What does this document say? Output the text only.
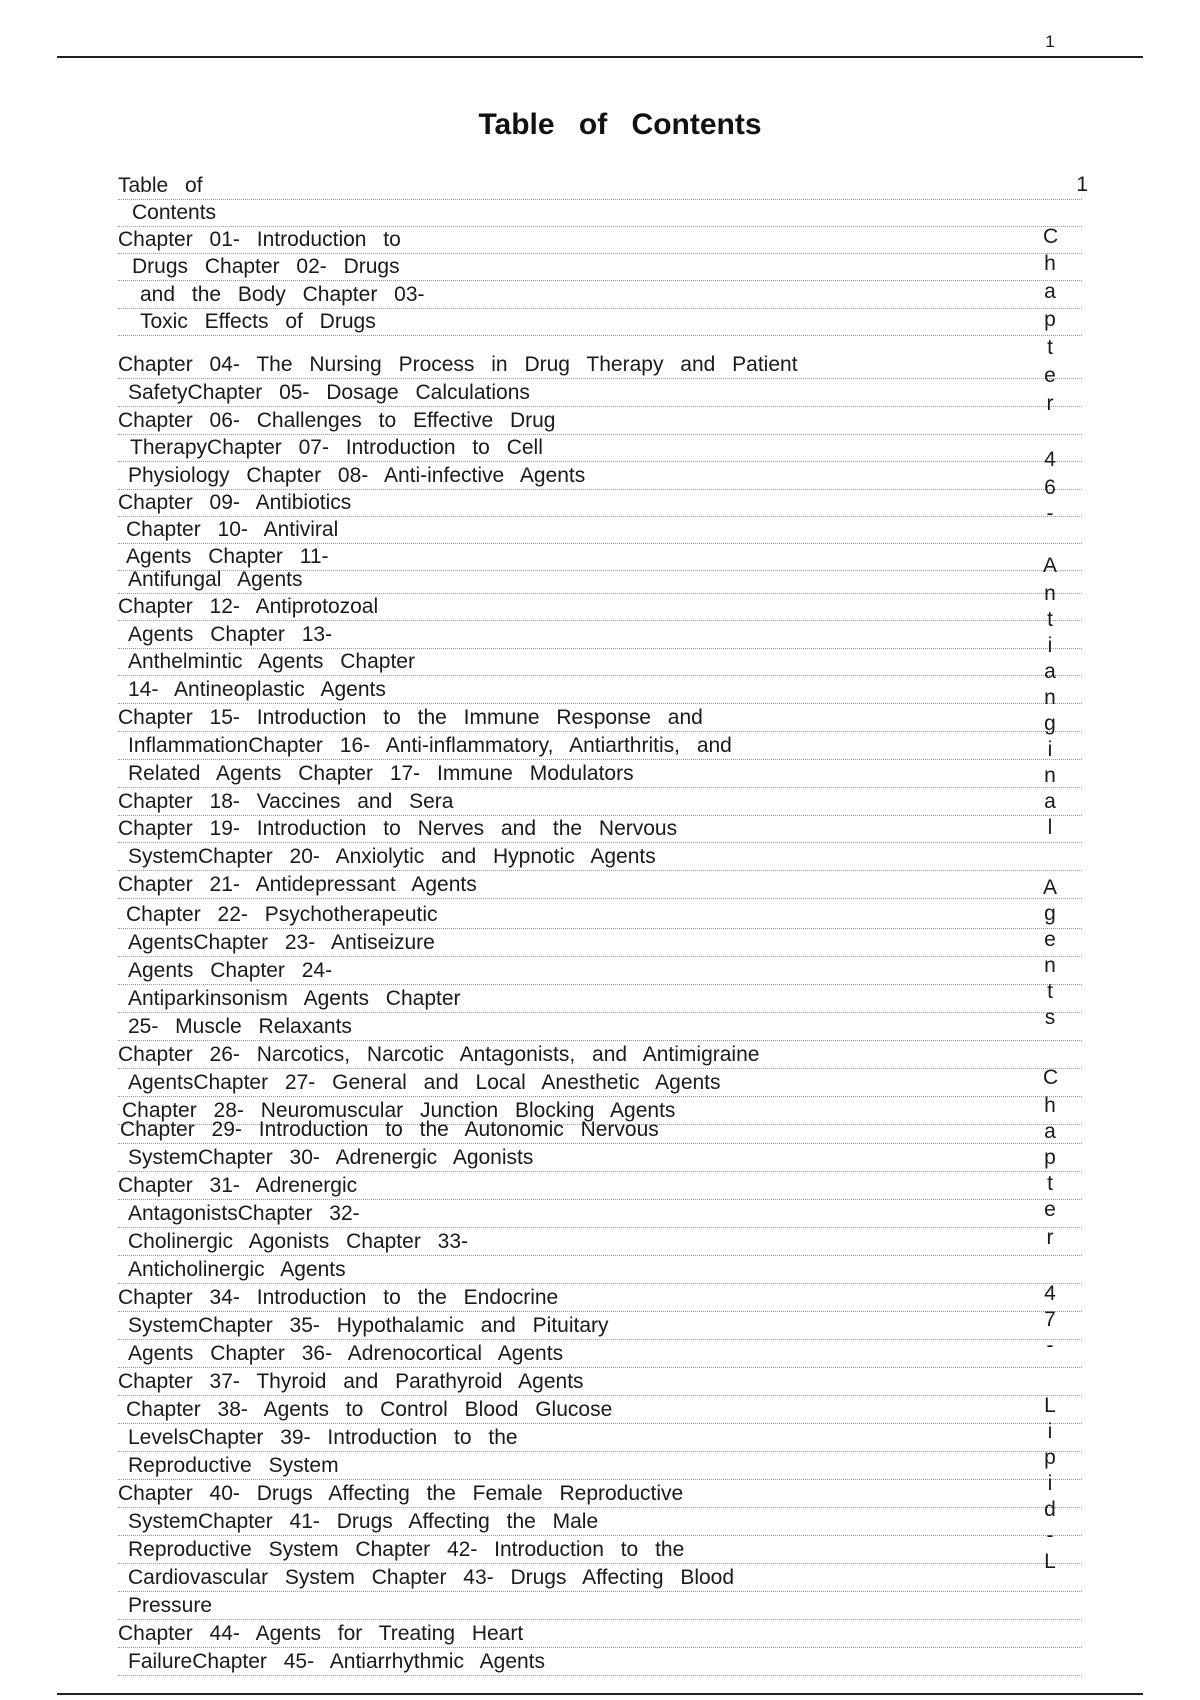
1
Table of Contents
1
Table of
Contents
Chapter 01- Introduction to
Drugs Chapter 02- Drugs
and the Body Chapter 03-
Toxic Effects of Drugs
Chapter 04- The Nursing Process in Drug Therapy and Patient
SafetyChapter 05- Dosage Calculations
Chapter 06- Challenges to Effective Drug
TherapyChapter 07- Introduction to Cell
Physiology Chapter 08- Anti-infective Agents
Chapter 09- Antibiotics
Chapter 10- Antiviral
Agents Chapter 11-
Antifungal Agents
Chapter 12- Antiprotozoal
Agents Chapter 13-
Anthelmintic Agents Chapter
14- Antineoplastic Agents
Chapter 15- Introduction to the Immune Response and
InflammationChapter 16- Anti-inflammatory, Antiarthritis, and
Related Agents Chapter 17- Immune Modulators
Chapter 18- Vaccines and Sera
Chapter 19- Introduction to Nerves and the Nervous
SystemChapter 20- Anxiolytic and Hypnotic Agents
Chapter 21- Antidepressant Agents
Chapter 22- Psychotherapeutic
AgentsChapter 23- Antiseizure
Agents Chapter 24-
Antiparkinsonism Agents Chapter
25- Muscle Relaxants
Chapter 26- Narcotics, Narcotic Antagonists, and Antimigraine
AgentsChapter 27- General and Local Anesthetic Agents
Chapter 28- Neuromuscular Junction Blocking Agents
Chapter 29- Introduction to the Autonomic Nervous
SystemChapter 30- Adrenergic Agonists
Chapter 31- Adrenergic
AntagonistsChapter 32-
Cholinergic Agonists Chapter 33-
Anticholinergic Agents
Chapter 34- Introduction to the Endocrine
SystemChapter 35- Hypothalamic and Pituitary
Agents Chapter 36- Adrenocortical Agents
Chapter 37- Thyroid and Parathyroid Agents
Chapter 38- Agents to Control Blood Glucose
LevelsChapter 39- Introduction to the
Reproductive System
Chapter 40- Drugs Affecting the Female Reproductive
SystemChapter 41- Drugs Affecting the Male
Reproductive System Chapter 42- Introduction to the
Cardiovascular System Chapter 43- Drugs Affecting Blood
Pressure
Chapter 44- Agents for Treating Heart
FailureChapter 45- Antiarrhythmic Agents
C
h
a
p
t
e
r
4
6
-
A
n
t
i
a
n
g
i
n
a
l
A
g
e
n
t
s
C
h
a
p
t
e
r
4
7
-
L
i
p
i
d
-
L
